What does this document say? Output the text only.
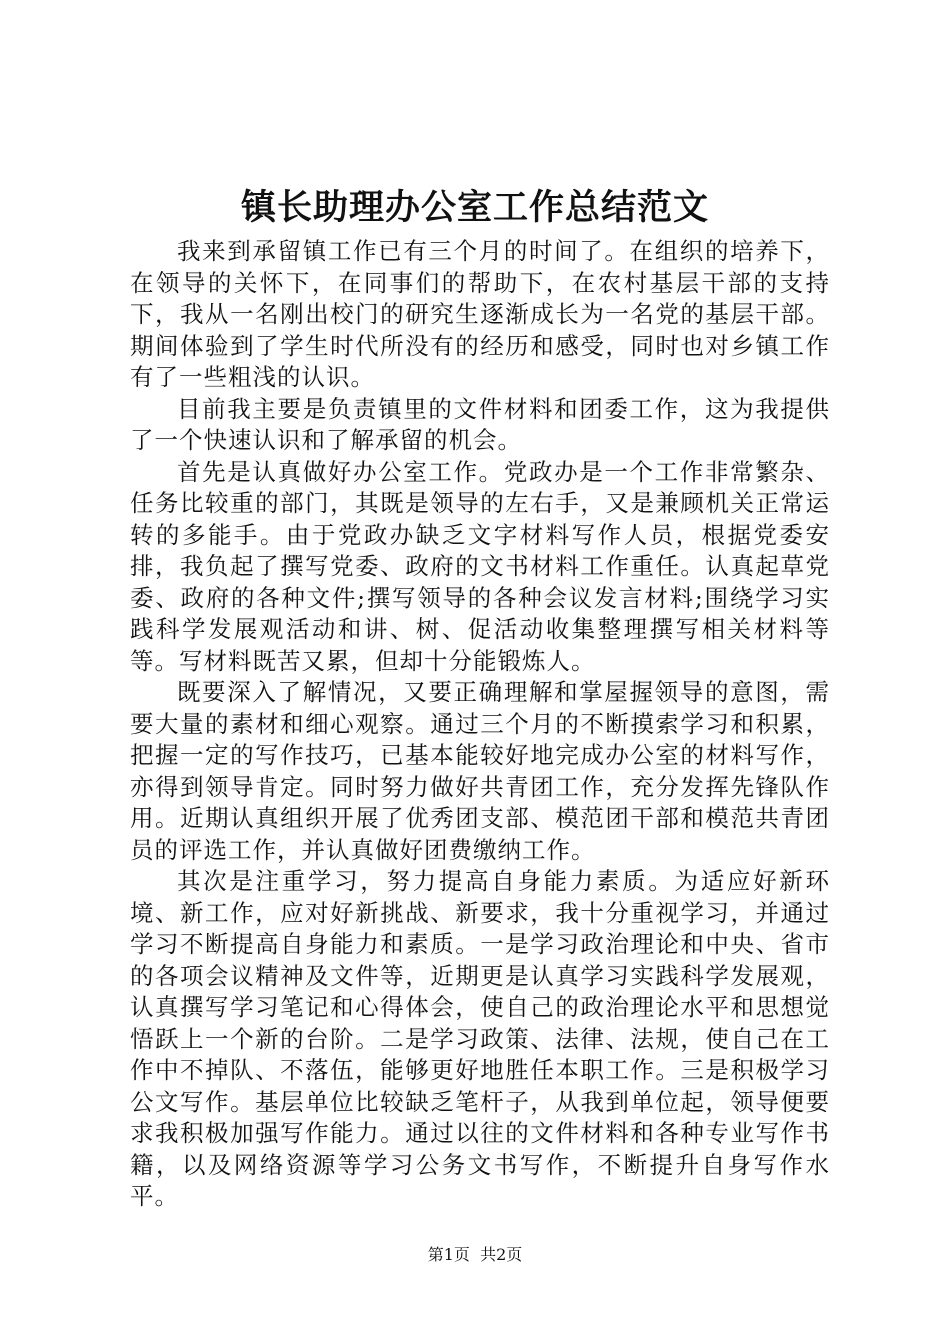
镇长助理办公室工作总结范文

我来到承留镇工作已有三个月的时间了。在组织的培养下，在领导的关怀下，在同事们的帮助下，在农村基层干部的支持下，我从一名刚出校门的研究生逐渐成长为一名党的基层干部。期间体验到了学生时代所没有的经历和感受，同时也对乡镇工作有了一些粗浅的认识。

目前我主要是负责镇里的文件材料和团委工作，这为我提供了一个快速认识和了解承留的机会。

首先是认真做好办公室工作。党政办是一个工作非常繁杂、任务比较重的部门，其既是领导的左右手，又是兼顾机关正常运转的多能手。由于党政办缺乏文字材料写作人员，根据党委安排，我负起了撰写党委、政府的文书材料工作重任。认真起草党委、政府的各种文件;撰写领导的各种会议发言材料;围绕学习实践科学发展观活动和讲、树、促活动收集整理撰写相关材料等等。写材料既苦又累，但却十分能锻炼人。

既要深入了解情况，又要正确理解和掌屋握领导的意图，需要大量的素材和细心观察。通过三个月的不断摸索学习和积累，把握一定的写作技巧，已基本能较好地完成办公室的材料写作，亦得到领导肯定。同时努力做好共青团工作，充分发挥先锋队作用。近期认真组织开展了优秀团支部、模范团干部和模范共青团员的评选工作，并认真做好团费缴纳工作。

其次是注重学习，努力提高自身能力素质。为适应好新环境、新工作，应对好新挑战、新要求，我十分重视学习，并通过学习不断提高自身能力和素质。一是学习政治理论和中央、省市的各项会议精神及文件等，近期更是认真学习实践科学发展观，认真撰写学习笔记和心得体会，使自己的政治理论水平和思想觉悟跃上一个新的台阶。二是学习政策、法律、法规，使自己在工作中不掉队、不落伍，能够更好地胜任本职工作。三是积极学习公文写作。基层单位比较缺乏笔杆子，从我到单位起，领导便要求我积极加强写作能力。通过以往的文件材料和各种专业写作书籍，以及网络资源等学习公务文书写作，不断提升自身写作水平。

第1页 共2页
